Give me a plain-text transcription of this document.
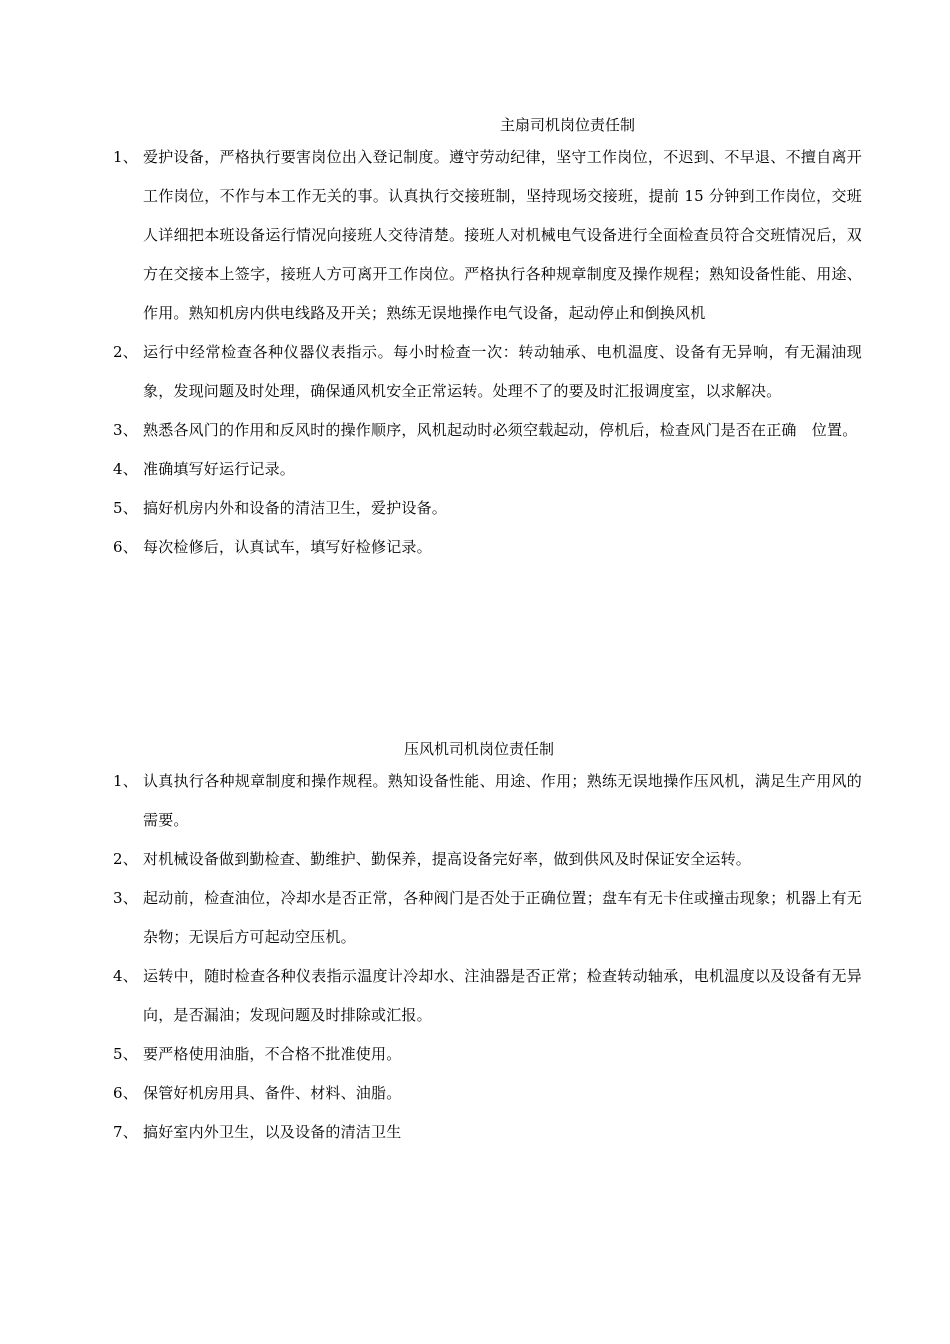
主扇司机岗位责任制
1、 爱护设备，严格执行要害岗位出入登记制度。遵守劳动纪律，坚守工作岗位，不迟到、不早退、不擅自离开工作岗位，不作与本工作无关的事。认真执行交接班制，坚持现场交接班，提前 15 分钟到工作岗位，交班人详细把本班设备运行情况向接班人交待清楚。接班人对机械电气设备进行全面检查员符合交班情况后，双方在交接本上签字，接班人方可离开工作岗位。严格执行各种规章制度及操作规程；熟知设备性能、用途、作用。熟知机房内供电线路及开关；熟练无误地操作电气设备，起动停止和倒换风机
2、 运行中经常检查各种仪器仪表指示。每小时检查一次：转动轴承、电机温度、设备有无异响，有无漏油现象，发现问题及时处理，确保通风机安全正常运转。处理不了的要及时汇报调度室，以求解决。
3、 熟悉各风门的作用和反风时的操作顺序，风机起动时必须空载起动，停机后，检查风门是否在正确　位置。
4、 准确填写好运行记录。
5、 搞好机房内外和设备的清洁卫生，爱护设备。
6、 每次检修后，认真试车，填写好检修记录。
压风机司机岗位责任制
1、 认真执行各种规章制度和操作规程。熟知设备性能、用途、作用；熟练无误地操作压风机，满足生产用风的需要。
2、 对机械设备做到勤检查、勤维护、勤保养，提高设备完好率，做到供风及时保证安全运转。
3、 起动前，检查油位，冷却水是否正常，各种阀门是否处于正确位置；盘车有无卡住或撞击现象；机器上有无杂物；无误后方可起动空压机。
4、 运转中，随时检查各种仪表指示温度计冷却水、注油器是否正常；检查转动轴承，电机温度以及设备有无异向，是否漏油；发现问题及时排除或汇报。
5、 要严格使用油脂，不合格不批准使用。
6、 保管好机房用具、备件、材料、油脂。
7、 搞好室内外卫生，以及设备的清洁卫生
